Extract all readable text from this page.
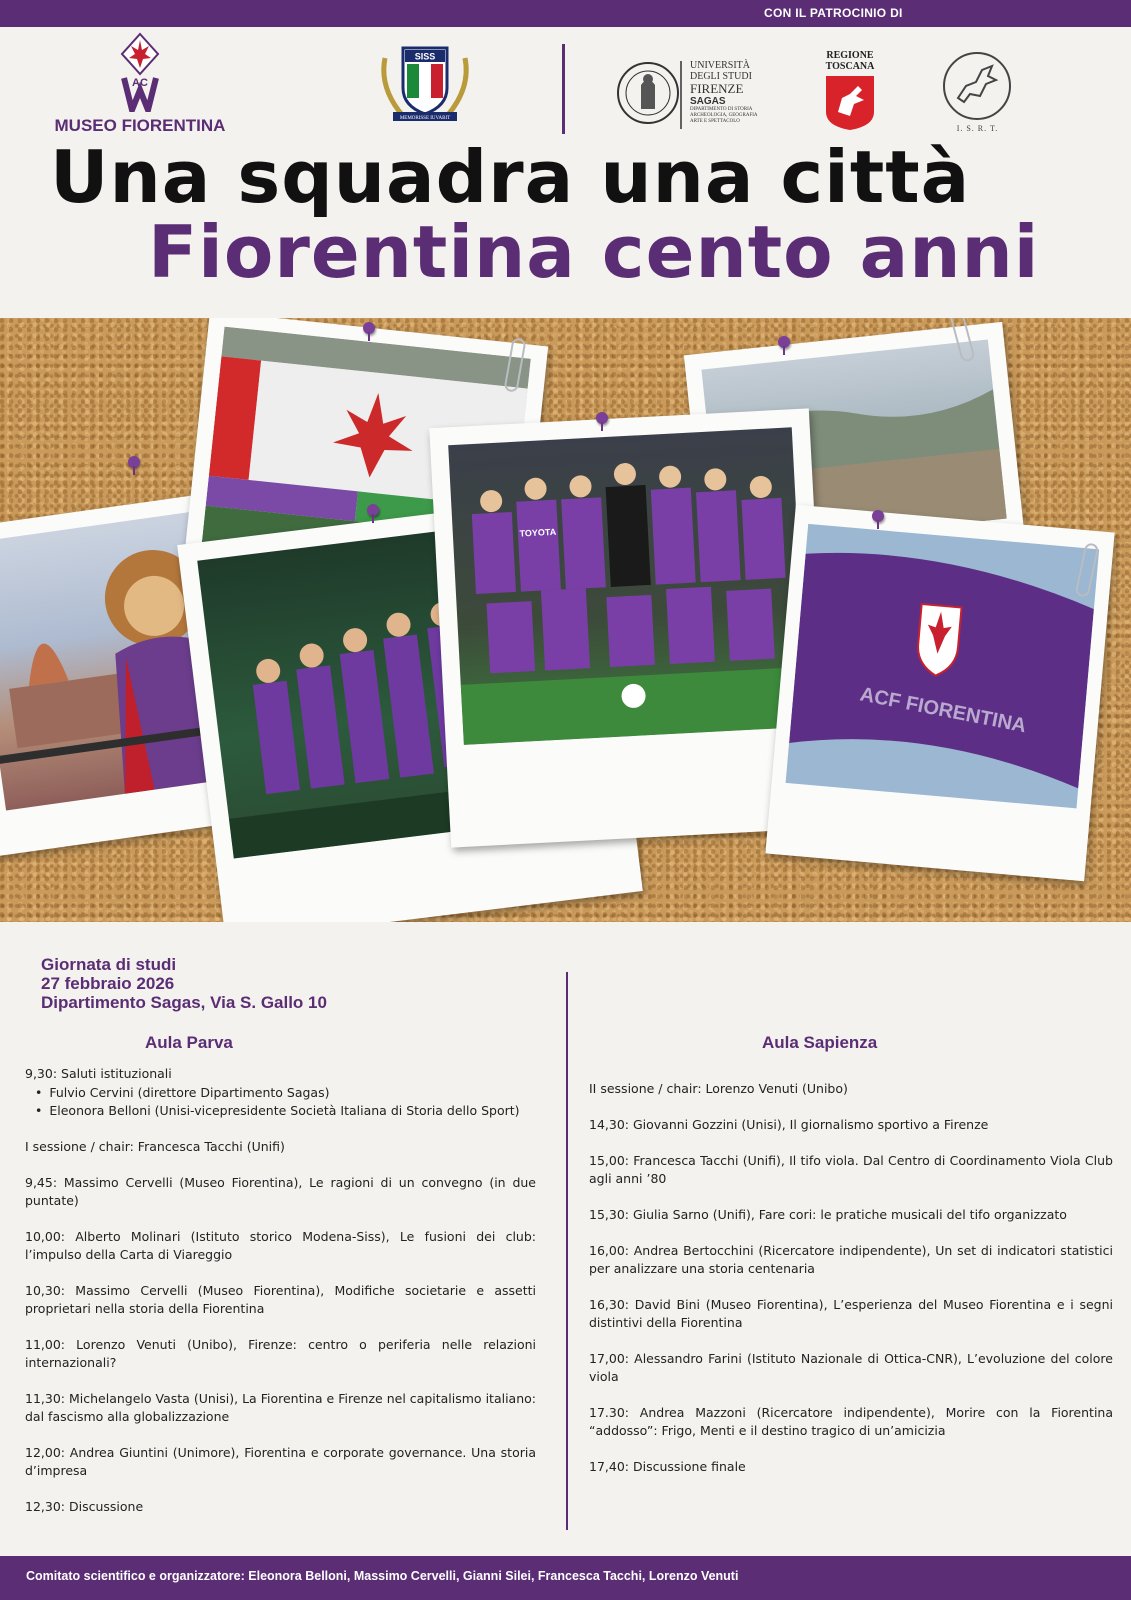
CON IL PATROCINIO DI
AC
MUSEO FIORENTINA
SISS
MEMORISSE IUVABIT
UNIVERSITÀ
DEGLI STUDI
FIRENZE
SAGAS
DIPARTIMENTO DI STORIA ARCHEOLOGIA, GEOGRAFIA ARTE E SPETTACOLO
REGIONE
TOSCANA
I. S. R. T.
Una squadra una città
Fiorentina cento anni
TOYOTA
ACF FIORENTINA
Giornata di studi
27 febbraio 2026
Dipartimento Sagas, Via S. Gallo 10
Aula Parva
9,30: Saluti istituzionali
• Fulvio Cervini (direttore Dipartimento Sagas)
• Eleonora Belloni (Unisi-vicepresidente Società Italiana di Storia dello Sport)

I sessione / chair: Francesca Tacchi (Unifi)

9,45: Massimo Cervelli (Museo Fiorentina), Le ragioni di un convegno (in due puntate)

10,00: Alberto Molinari (Istituto storico Modena-Siss), Le fusioni dei club: l’impulso della Carta di Viareggio

10,30: Massimo Cervelli (Museo Fiorentina), Modifiche societarie e assetti proprietari nella storia della Fiorentina

11,00: Lorenzo Venuti (Unibo), Firenze: centro o periferia nelle relazioni internazionali?

11,30: Michelangelo Vasta (Unisi), La Fiorentina e Firenze nel capitalismo italiano: dal fascismo alla globalizzazione

12,00: Andrea Giuntini (Unimore), Fiorentina e corporate governance. Una storia d’impresa

12,30: Discussione

Aula Sapienza

II sessione / chair: Lorenzo Venuti (Unibo)

14,30: Giovanni Gozzini (Unisi), Il giornalismo sportivo a Firenze

15,00: Francesca Tacchi (Unifi), Il tifo viola. Dal Centro di Coordinamento Viola Club agli anni ’80

15,30: Giulia Sarno (Unifi), Fare cori: le pratiche musicali del tifo organizzato

16,00: Andrea Bertocchini (Ricercatore indipendente), Un set di indicatori statistici per analizzare una storia centenaria

16,30: David Bini (Museo Fiorentina), L’esperienza del Museo Fiorentina e i segni distintivi della Fiorentina

17,00: Alessandro Farini (Istituto Nazionale di Ottica-CNR), L’evoluzione del colore viola

17.30: Andrea Mazzoni (Ricercatore indipendente), Morire con la Fiorentina “addosso”: Frigo, Menti e il destino tragico di un’amicizia

17,40: Discussione finale

Comitato scientifico e organizzatore: Eleonora Belloni, Massimo Cervelli, Gianni Silei, Francesca Tacchi, Lorenzo Venuti
